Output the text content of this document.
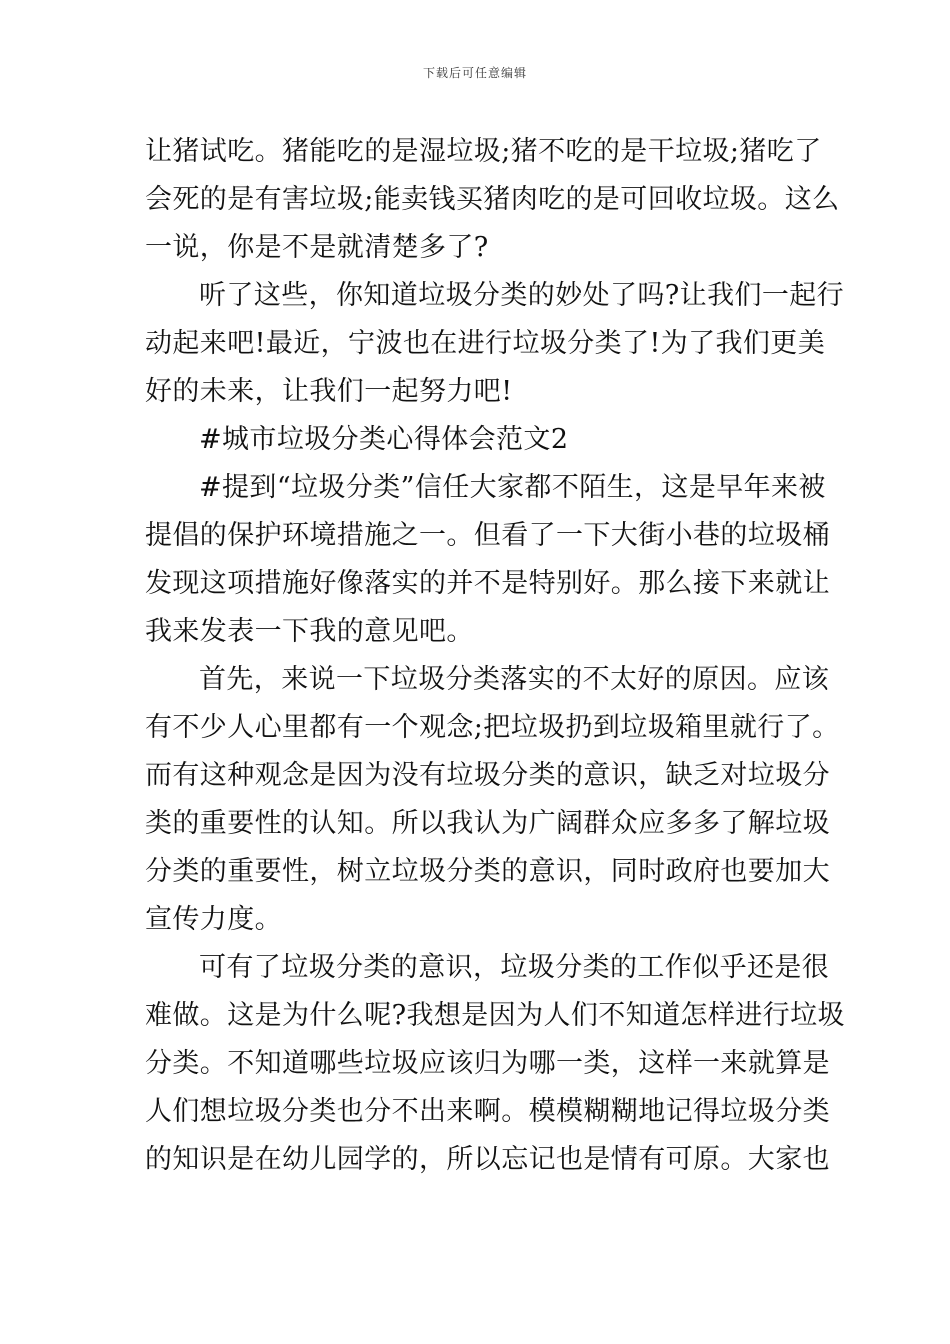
下载后可任意编辑
让猪试吃。猪能吃的是湿垃圾;猪不吃的是干垃圾;猪吃了
会死的是有害垃圾;能卖钱买猪肉吃的是可回收垃圾。这么
一说，你是不是就清楚多了?
听了这些，你知道垃圾分类的妙处了吗?让我们一起行
动起来吧!最近，宁波也在进行垃圾分类了!为了我们更美
好的未来，让我们一起努力吧!
#城市垃圾分类心得体会范文2
#提到“垃圾分类”信任大家都不陌生，这是早年来被
提倡的保护环境措施之一。但看了一下大街小巷的垃圾桶
发现这项措施好像落实的并不是特别好。那么接下来就让
我来发表一下我的意见吧。
首先，来说一下垃圾分类落实的不太好的原因。应该
有不少人心里都有一个观念;把垃圾扔到垃圾箱里就行了。
而有这种观念是因为没有垃圾分类的意识，缺乏对垃圾分
类的重要性的认知。所以我认为广阔群众应多多了解垃圾
分类的重要性，树立垃圾分类的意识，同时政府也要加大
宣传力度。
可有了垃圾分类的意识，垃圾分类的工作似乎还是很
难做。这是为什么呢?我想是因为人们不知道怎样进行垃圾
分类。不知道哪些垃圾应该归为哪一类，这样一来就算是
人们想垃圾分类也分不出来啊。模模糊糊地记得垃圾分类
的知识是在幼儿园学的，所以忘记也是情有可原。大家也
